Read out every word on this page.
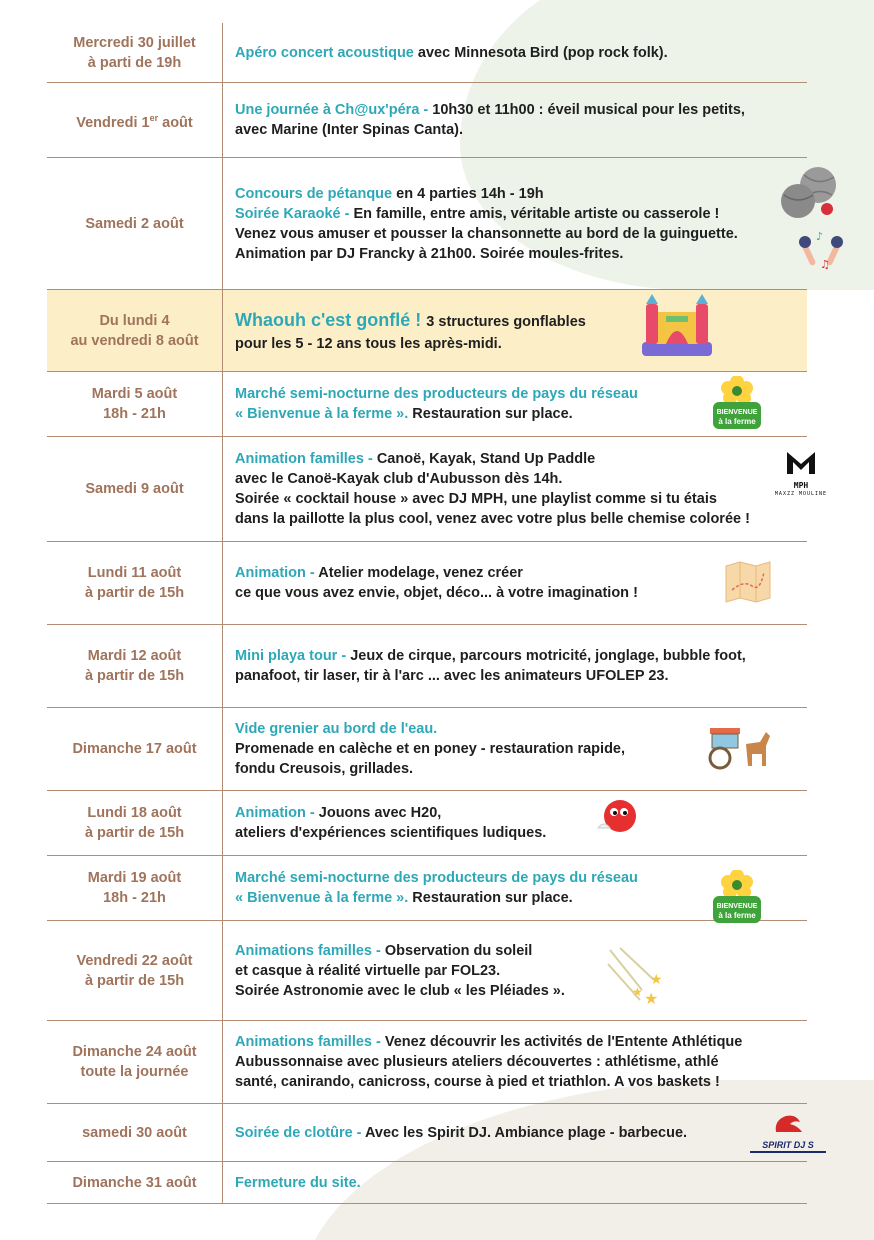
Mercredi 30 juillet
à parti de 19h
Apéro concert acoustique avec Minnesota Bird (pop rock folk).
Vendredi 1er août
Une journée à Ch@ux'péra - 10h30 et 11h00 : éveil musical pour les petits,
avec Marine (Inter Spinas Canta).
Samedi 2 août
Concours de pétanque en 4 parties 14h - 19h
Soirée Karaoké - En famille, entre amis, véritable artiste ou casserole !
Venez vous amuser et pousser la chansonnette au bord de la guinguette.
Animation par DJ Francky à 21h00. Soirée moules-frites.
Du lundi 4
au vendredi 8 août
Whaouh c'est gonflé ! 3 structures gonflables
pour les 5 - 12 ans tous les après-midi.
Mardi 5 août
18h - 21h
Marché semi-nocturne des producteurs de pays du réseau
« Bienvenue à la ferme ». Restauration sur place.
Samedi 9 août
Animation familles - Canoë, Kayak, Stand Up Paddle
avec le Canoë-Kayak club d'Aubusson dès 14h.
Soirée « cocktail house » avec DJ MPH, une playlist comme si tu étais
dans la paillotte la plus cool, venez avec votre plus belle chemise colorée !
Lundi 11 août
à partir de 15h
Animation - Atelier modelage, venez créer
ce que vous avez envie, objet, déco... à votre imagination !
Mardi 12 août
à partir de 15h
Mini playa tour - Jeux de cirque, parcours motricité, jonglage, bubble foot,
panafoot, tir laser, tir à l'arc ... avec les animateurs UFOLEP 23.
Dimanche 17 août
Vide grenier au bord de l'eau.
Promenade en calèche et en poney - restauration rapide,
fondu Creusois, grillades.
Lundi 18 août
à partir de 15h
Animation - Jouons avec H20,
ateliers d'expériences scientifiques ludiques.
Mardi 19 août
18h - 21h
Marché semi-nocturne des producteurs de pays du réseau
« Bienvenue à la ferme ». Restauration sur place.
Vendredi 22 août
à partir de 15h
Animations familles - Observation du soleil
et casque à réalité virtuelle par FOL23.
Soirée Astronomie avec le club « les Pléiades ».
Dimanche 24 août
toute la journée
Animations familles - Venez découvrir les activités de l'Entente Athlétique
Aubussonnaise avec plusieurs ateliers découvertes : athlétisme, athlé
santé, canirando, canicross, course à pied et triathlon. A vos baskets !
samedi 30 août	Soirée de clotûre - Avec les Spirit DJ. Ambiance plage - barbecue.
Dimanche 31 août	Fermeture du site.
♪
♫
BIENVENUE
à la ferme
BIENVENUE
à la ferme
MPH
MAXZZ MOULINE
★
★
★
SPIRIT DJ S
